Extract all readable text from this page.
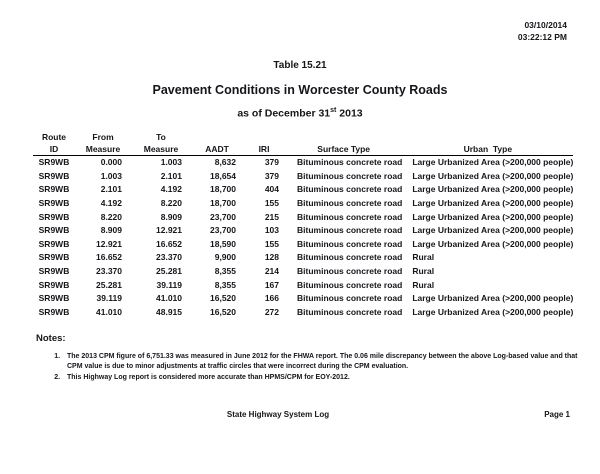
03/10/2014
03:22:12 PM
Table 15.21
Pavement Conditions in Worcester County Roads
as of December 31st 2013
Route	From	To				
ID	Measure	Measure	AADT	IRI	Surface Type	Urban  Type
SR9WB	0.000	1.003	8,632	379	Bituminous concrete road	Large Urbanized Area (>200,000 people)
SR9WB	1.003	2.101	18,654	379	Bituminous concrete road	Large Urbanized Area (>200,000 people)
SR9WB	2.101	4.192	18,700	404	Bituminous concrete road	Large Urbanized Area (>200,000 people)
SR9WB	4.192	8.220	18,700	155	Bituminous concrete road	Large Urbanized Area (>200,000 people)
SR9WB	8.220	8.909	23,700	215	Bituminous concrete road	Large Urbanized Area (>200,000 people)
SR9WB	8.909	12.921	23,700	103	Bituminous concrete road	Large Urbanized Area (>200,000 people)
SR9WB	12.921	16.652	18,590	155	Bituminous concrete road	Large Urbanized Area (>200,000 people)
SR9WB	16.652	23.370	9,900	128	Bituminous concrete road	Rural
SR9WB	23.370	25.281	8,355	214	Bituminous concrete road	Rural
SR9WB	25.281	39.119	8,355	167	Bituminous concrete road	Rural
SR9WB	39.119	41.010	16,520	166	Bituminous concrete road	Large Urbanized Area (>200,000 people)
SR9WB	41.010	48.915	16,520	272	Bituminous concrete road	Large Urbanized Area (>200,000 people)
Notes:
1. The 2013 CPM figure of 6,751.33 was measured in June 2012 for the FHWA report. The 0.06 mile discrepancy between the above Log-based value and that CPM value is due to minor adjustments at traffic circles that were incorrect during the CPM evaluation.
2. This Highway Log report is considered more accurate than HPMS/CPM for EOY-2012.
State Highway System Log	Page 1
